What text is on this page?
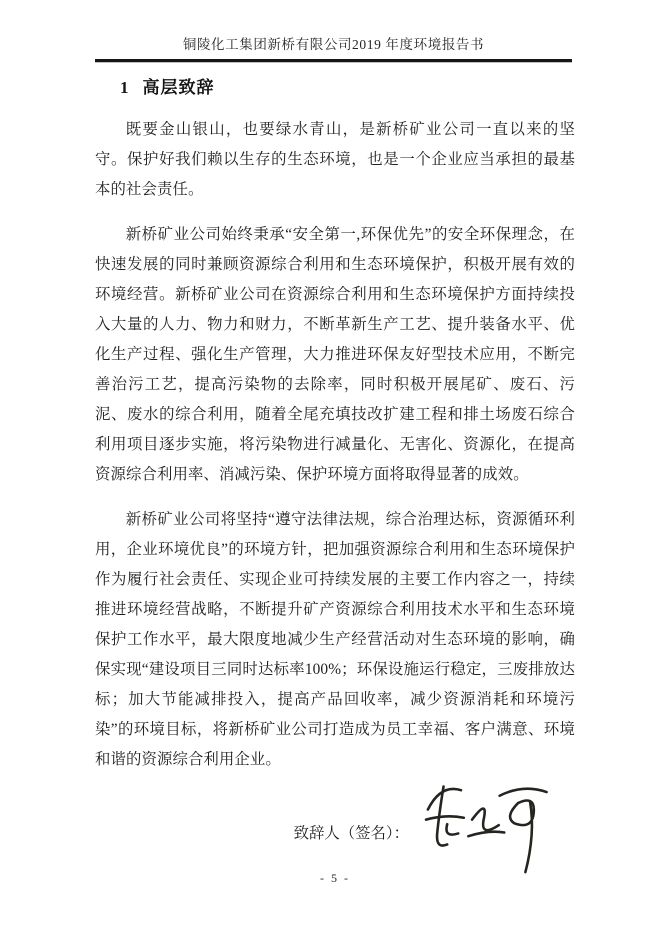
铜陵化工集团新桥有限公司2019 年度环境报告书
1 高层致辞

既要金山银山，也要绿水青山，是新桥矿业公司一直以来的坚守。保护好我们赖以生存的生态环境，也是一个企业应当承担的最基本的社会责任。

新桥矿业公司始终秉承“安全第一,环保优先”的安全环保理念，在快速发展的同时兼顾资源综合利用和生态环境保护，积极开展有效的环境经营。新桥矿业公司在资源综合利用和生态环境保护方面持续投入大量的人力、物力和财力，不断革新生产工艺、提升装备水平、优化生产过程、强化生产管理，大力推进环保友好型技术应用，不断完善治污工艺，提高污染物的去除率，同时积极开展尾矿、废石、污泥、废水的综合利用，随着全尾充填技改扩建工程和排土场废石综合利用项目逐步实施，将污染物进行减量化、无害化、资源化，在提高资源综合利用率、消减污染、保护环境方面将取得显著的成效。

新桥矿业公司将坚持“遵守法律法规，综合治理达标，资源循环利用，企业环境优良”的环境方针，把加强资源综合利用和生态环境保护作为履行社会责任、实现企业可持续发展的主要工作内容之一，持续推进环境经营战略，不断提升矿产资源综合利用技术水平和生态环境保护工作水平，最大限度地减少生产经营活动对生态环境的影响，确保实现“建设项目三同时达标率100%；环保设施运行稳定，三废排放达标；加大节能减排投入，提高产品回收率，减少资源消耗和环境污染”的环境目标，将新桥矿业公司打造成为员工幸福、客户满意、环境和谐的资源综合利用企业。

致辞人（签名）：
- 5 -
